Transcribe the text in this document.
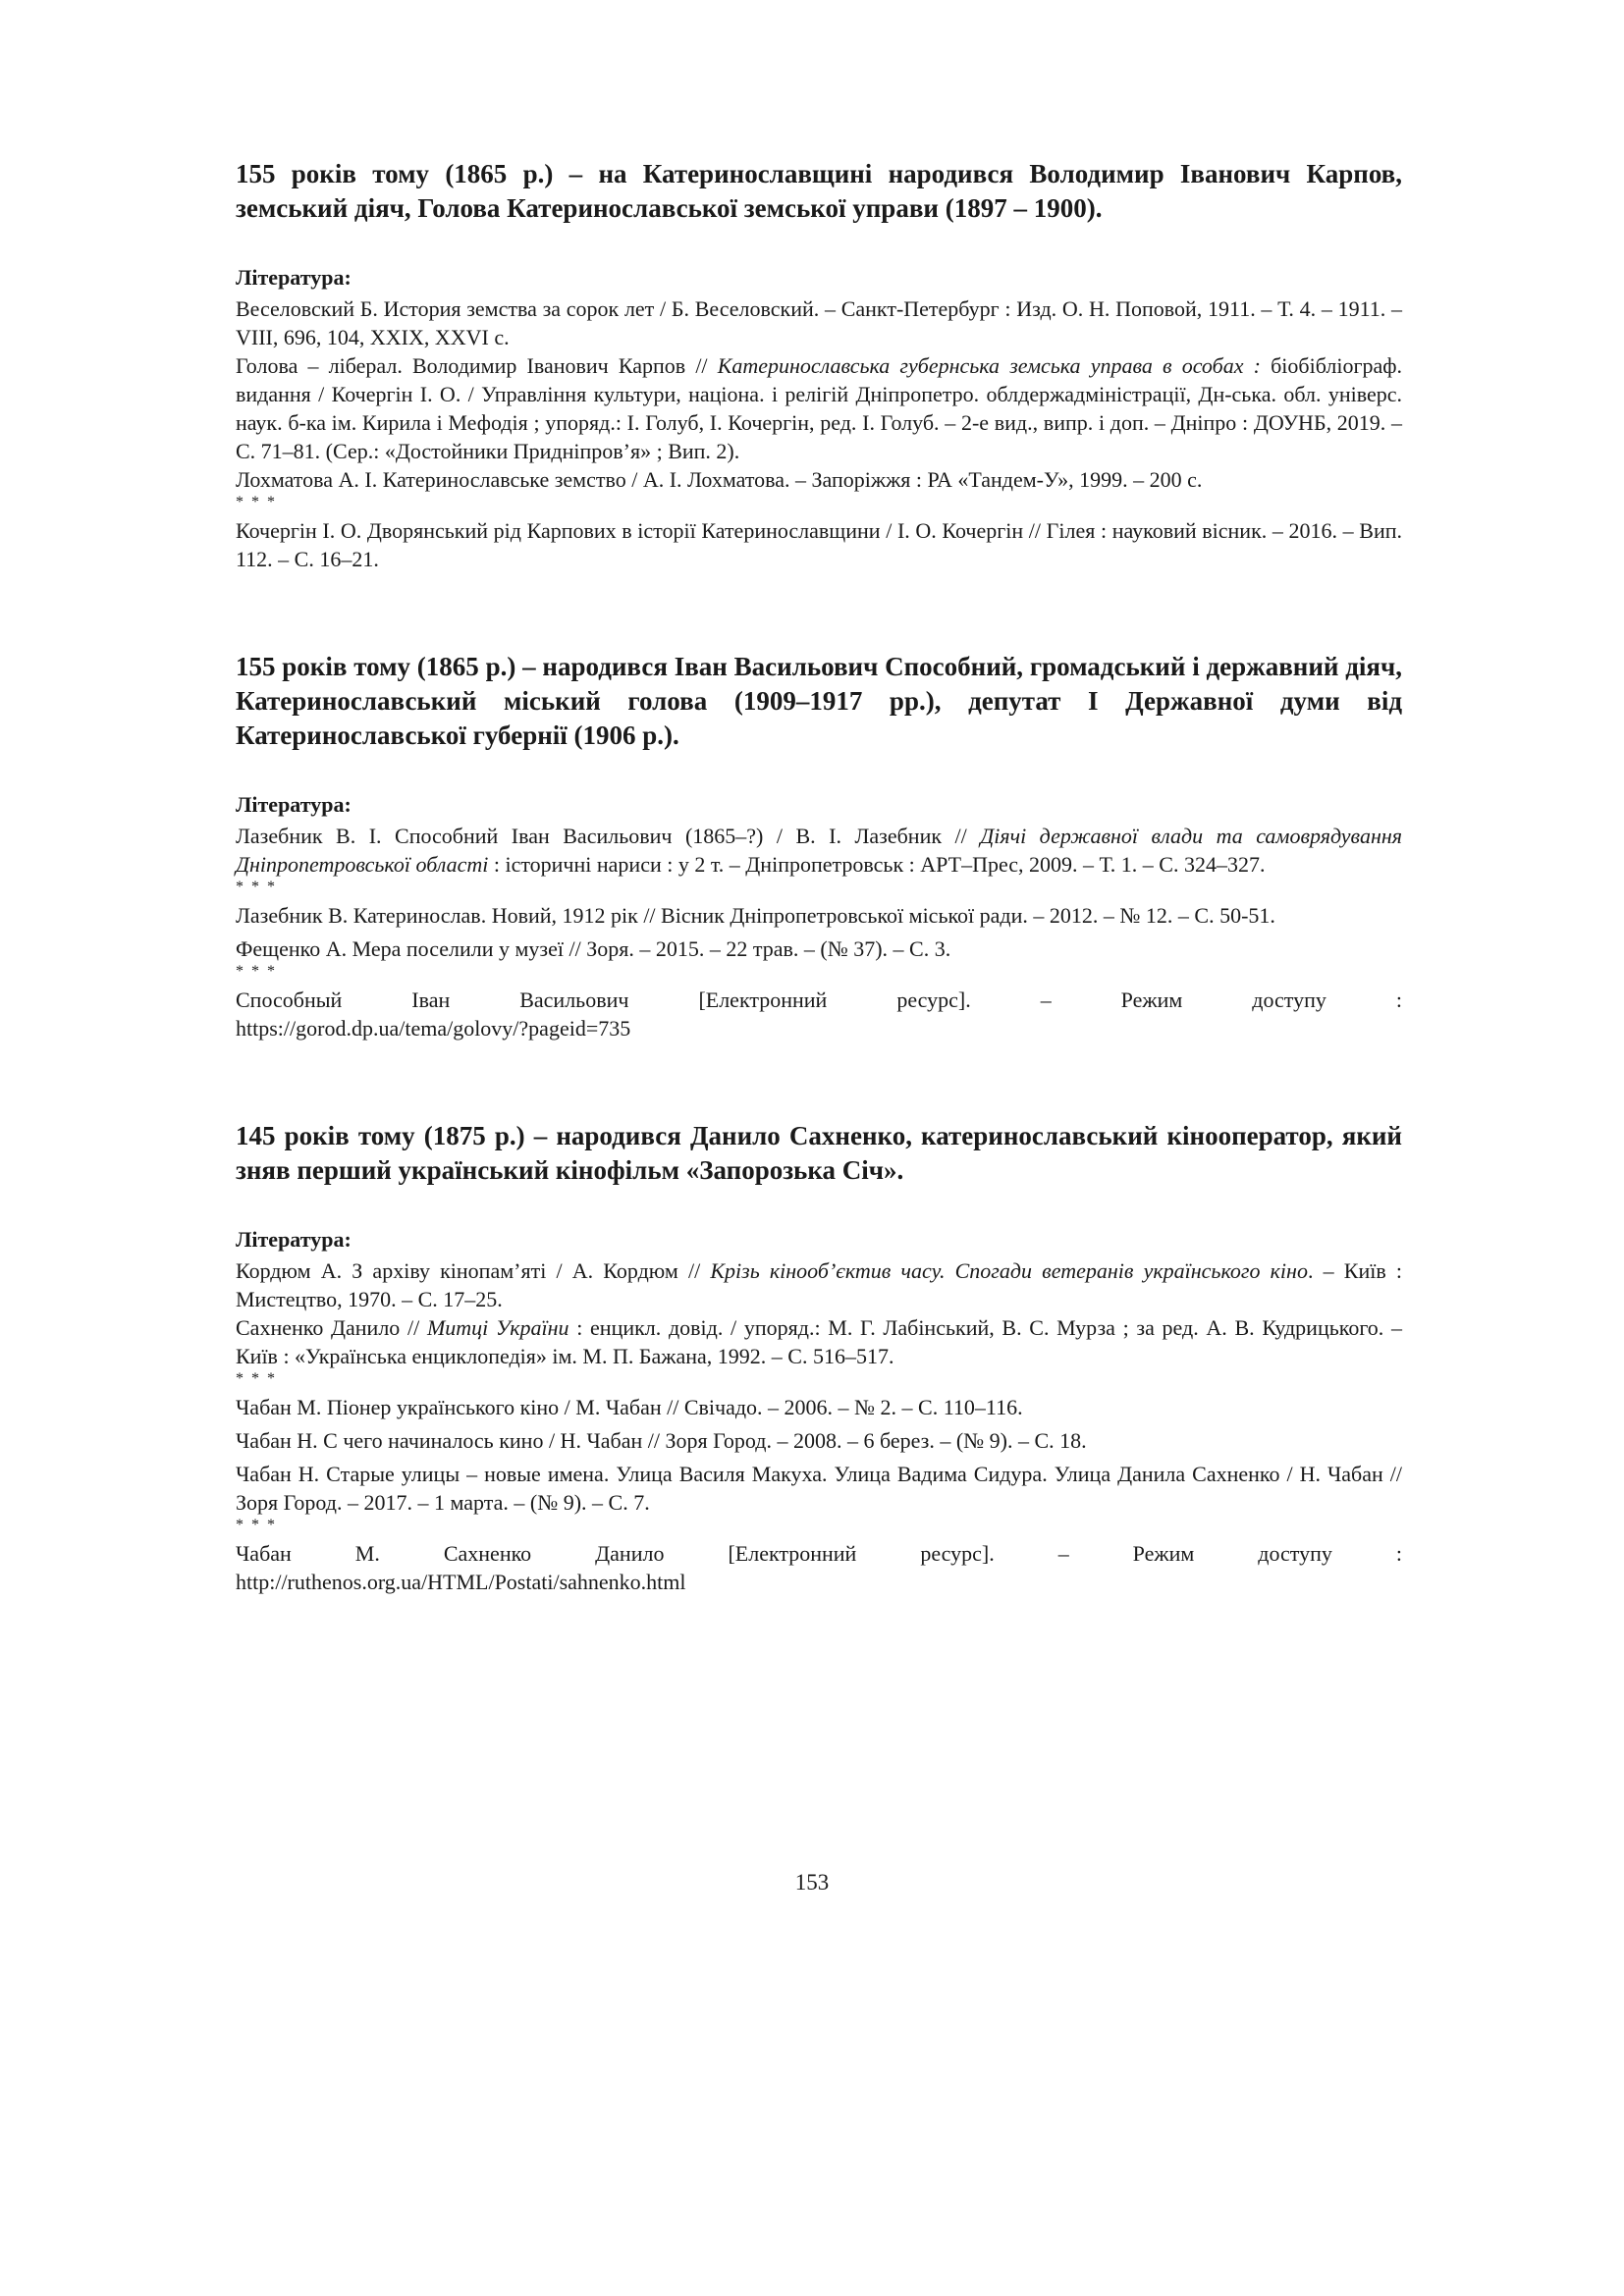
155 років тому (1865 р.) – на Катеринославщині народився Володимир Іванович Карпов, земський діяч, Голова Катеринославської земської управи (1897 – 1900).
Література:

Веселовский Б. История земства за сорок лет / Б. Веселовский. – Санкт-Петербург : Изд. О. Н. Поповой, 1911. – Т. 4. – 1911. – VIII, 696, 104, XXIX, XXVI с.

Голова – ліберал. Володимир Іванович Карпов // Катеринославська губернська земська управа в особах : біобібліограф. видання / Кочергін І. О. / Управління культури, націона. і релігій Дніпропетро. облдержадміністрації, Дн-ська. обл. універс. наук. б-ка ім. Кирила і Мефодія ; упоряд.: І. Голуб, І. Кочергін, ред. І. Голуб. – 2-е вид., випр. і доп. – Дніпро : ДОУНБ, 2019. – С. 71–81. (Сер.: «Достойники Придніпров’я» ; Вип. 2).

Лохматова А. І. Катеринославське земство / А. І. Лохматова. – Запоріжжя : РА «Тандем-У», 1999. – 200 с.

* * *

Кочергін І. О. Дворянський рід Карпових в історії Катеринославщини / І. О. Кочергін // Гілея : науковий вісник. – 2016. – Вип. 112. – С. 16–21.

155 років тому (1865 р.) – народився Іван Васильович Способний, громадський і державний діяч, Катеринославський міський голова (1909–1917 рр.), депутат І Державної думи від Катеринославської губернії (1906 р.).
Література:

Лазебник В. І. Способний Іван Васильович (1865–?) / В. І. Лазебник // Діячі державної влади та самоврядування Дніпропетровської області : історичні нариси : у 2 т. – Дніпропетровськ : АРТ–Прес, 2009. – Т. 1. – С. 324–327.

* * *

Лазебник В. Катеринослав. Новий, 1912 рік // Вісник Дніпропетровської міської ради. – 2012. – № 12. – С. 50-51.

Фещенко А. Мера поселили у музеї // Зоря. – 2015. – 22 трав. – (№ 37). – С. 3.

* * *

Способный Іван Васильович [Електронний ресурс]. – Режим доступу :

https://gorod.dp.ua/tema/golovy/?pageid=735

145 років тому (1875 р.) – народився Данило Сахненко, катеринославський кінооператор, який зняв перший український кінофільм «Запорозька Січ».
Література:

Кордюм А. З архіву кінопам’яті / А. Кордюм // Крізь кінооб’єктив часу. Спогади ветеранів українського кіно. – Київ : Мистецтво, 1970. – С. 17–25.

Сахненко Данило // Митці України : енцикл. довід. / упоряд.: М. Г. Лабінський, В. С. Мурза ; за ред. А. В. Кудрицького. – Київ : «Українська енциклопедія» ім. М. П. Бажана, 1992. – С. 516–517.

* * *

Чабан М. Піонер українського кіно / М. Чабан // Свічадо. – 2006. – № 2. – С. 110–116.

Чабан Н. С чего начиналось кино / Н. Чабан // Зоря Город. – 2008. – 6 берез. – (№ 9). – С. 18.

Чабан Н. Старые улицы – новые имена. Улица Василя Макуха. Улица Вадима Сидура. Улица Данила Сахненко / Н. Чабан // Зоря Город. – 2017. – 1 марта. – (№ 9). – С. 7.

* * *

Чабан М. Сахненко Данило [Електронний ресурс]. – Режим доступу :

http://ruthenos.org.ua/HTML/Postati/sahnenko.html

153
